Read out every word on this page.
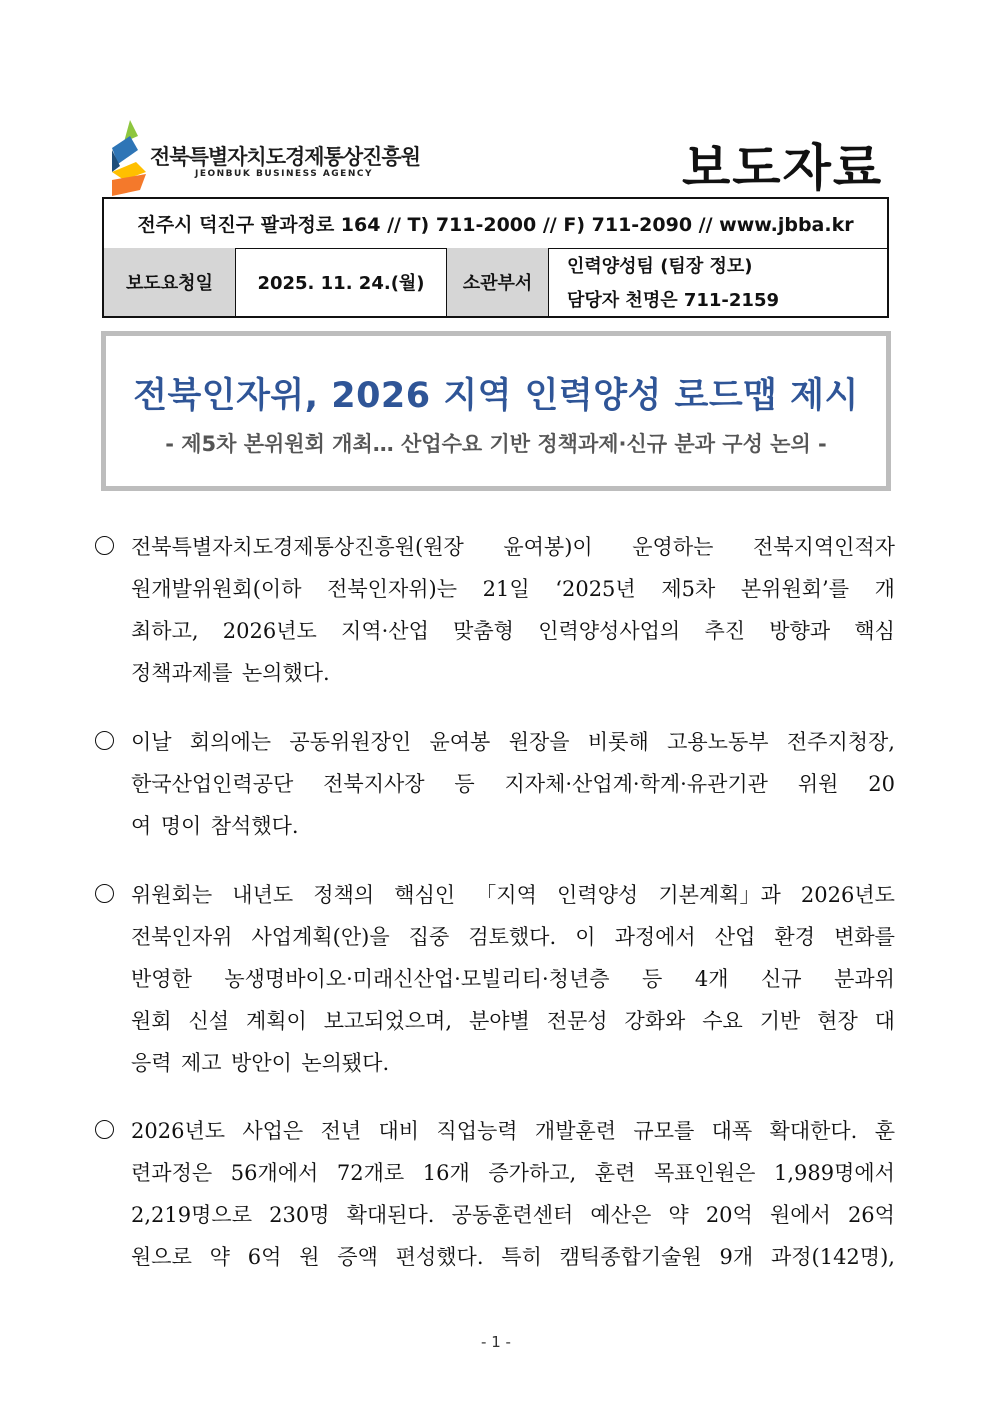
전북특별자치도경제통상진흥원
JEONBUK BUSINESS AGENCY	보도자료
전주시 덕진구 팔과정로 164 // T) 711-2000 // F) 711-2090 // www.jbba.kr
보도요청일	2025. 11. 24.(월)	소관부서
인력양성팀 (팀장 정모)
담당자 천명은 711-2159
전북인자위, 2026 지역 인력양성 로드맵 제시
- 제5차 본위원회 개최… 산업수요 기반 정책과제·신규 분과 구성 논의 -
전북특별자치도경제통상진흥원(원장 윤여봉)이 운영하는 전북지역인적자
원개발위원회(이하 전북인자위)는 21일 ‘2025년 제5차 본위원회’를 개
최하고, 2026년도 지역·산업 맞춤형 인력양성사업의 추진 방향과 핵심
정책과제를 논의했다.
이날 회의에는 공동위원장인 윤여봉 원장을 비롯해 고용노동부 전주지청장,
한국산업인력공단 전북지사장 등 지자체·산업계·학계·유관기관 위원 20
여 명이 참석했다.
위원회는 내년도 정책의 핵심인 「지역 인력양성 기본계획」과 2026년도
전북인자위 사업계획(안)을 집중 검토했다. 이 과정에서 산업 환경 변화를
반영한 농생명바이오·미래신산업·모빌리티·청년층 등 4개 신규 분과위
원회 신설 계획이 보고되었으며, 분야별 전문성 강화와 수요 기반 현장 대
응력 제고 방안이 논의됐다.
2026년도 사업은 전년 대비 직업능력 개발훈련 규모를 대폭 확대한다. 훈
련과정은 56개에서 72개로 16개 증가하고, 훈련 목표인원은 1,989명에서
2,219명으로 230명 확대된다. 공동훈련센터 예산은 약 20억 원에서 26억
원으로 약 6억 원 증액 편성했다. 특히 캠틱종합기술원 9개 과정(142명),
- 1 -
